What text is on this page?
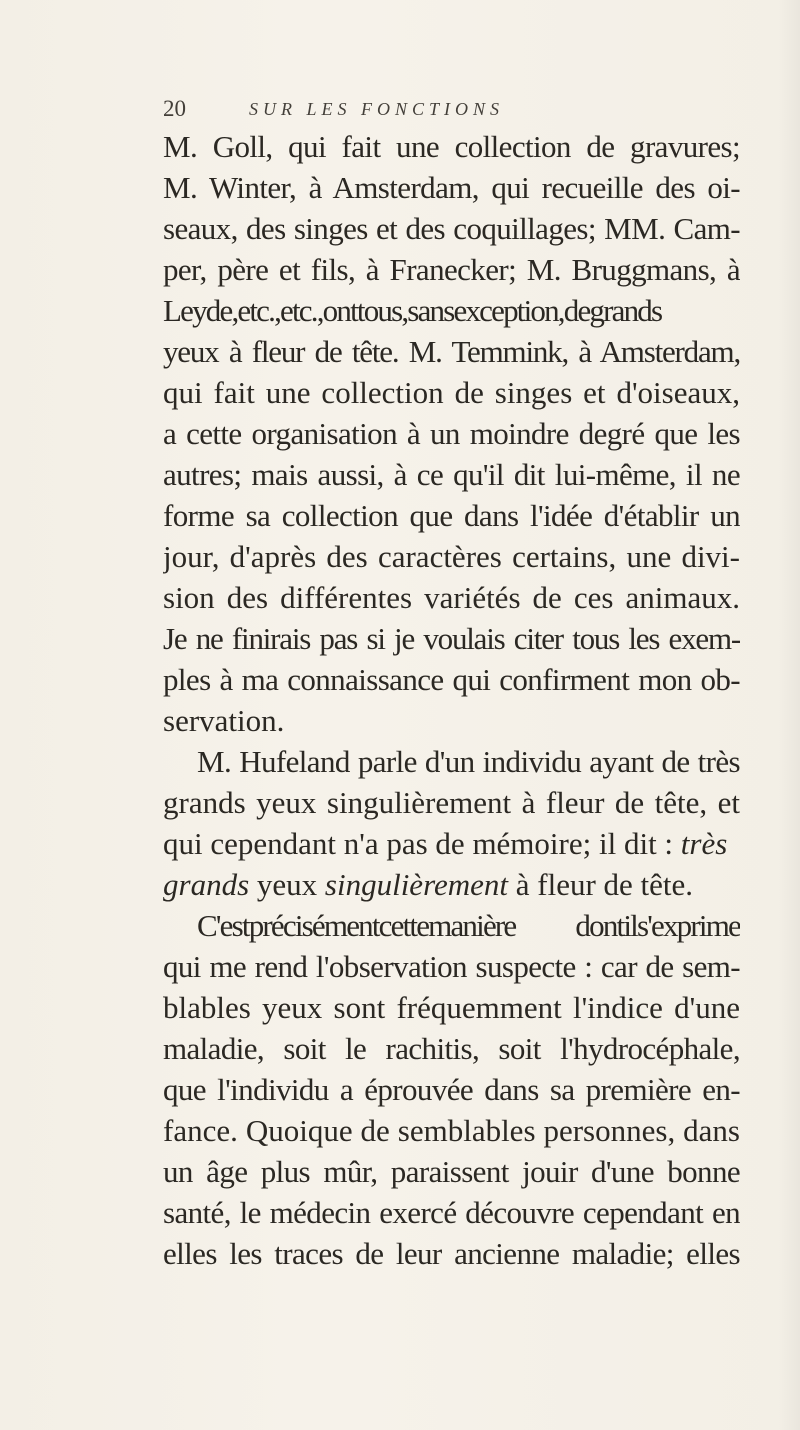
20	SUR LES FONCTIONS
M. Goll, qui fait une collection de gravures;
M. Winter, à Amsterdam, qui recueille des oi-
seaux, des singes et des coquillages; MM. Cam-
per, père et fils, à Franecker; M. Bruggmans, à
Leyde,etc.,etc.,onttous,sansexception,degrands
yeux à fleur de tête. M. Temmink, à Amsterdam,
qui fait une collection de singes et d'oiseaux,
a cette organisation à un moindre degré que les
autres; mais aussi, à ce qu'il dit lui-même, il ne
forme sa collection que dans l'idée d'établir un
jour, d'après des caractères certains, une divi-
sion des différentes variétés de ces animaux.
Je ne finirais pas si je voulais citer tous les exem-
ples à ma connaissance qui confirment mon ob-
servation.
M. Hufeland parle d'un individu ayant de très
grands yeux singulièrement à fleur de tête, et
qui cependant n'a pas de mémoire; il dit : très
grands yeux singulièrement à fleur de tête.
C'estprécisémentcettemanière dontils'exprime
qui me rend l'observation suspecte : car de sem-
blables yeux sont fréquemment l'indice d'une
maladie, soit le rachitis, soit l'hydrocéphale,
que l'individu a éprouvée dans sa première en-
fance. Quoique de semblables personnes, dans
un âge plus mûr, paraissent jouir d'une bonne
santé, le médecin exercé découvre cependant en
elles les traces de leur ancienne maladie; elles
